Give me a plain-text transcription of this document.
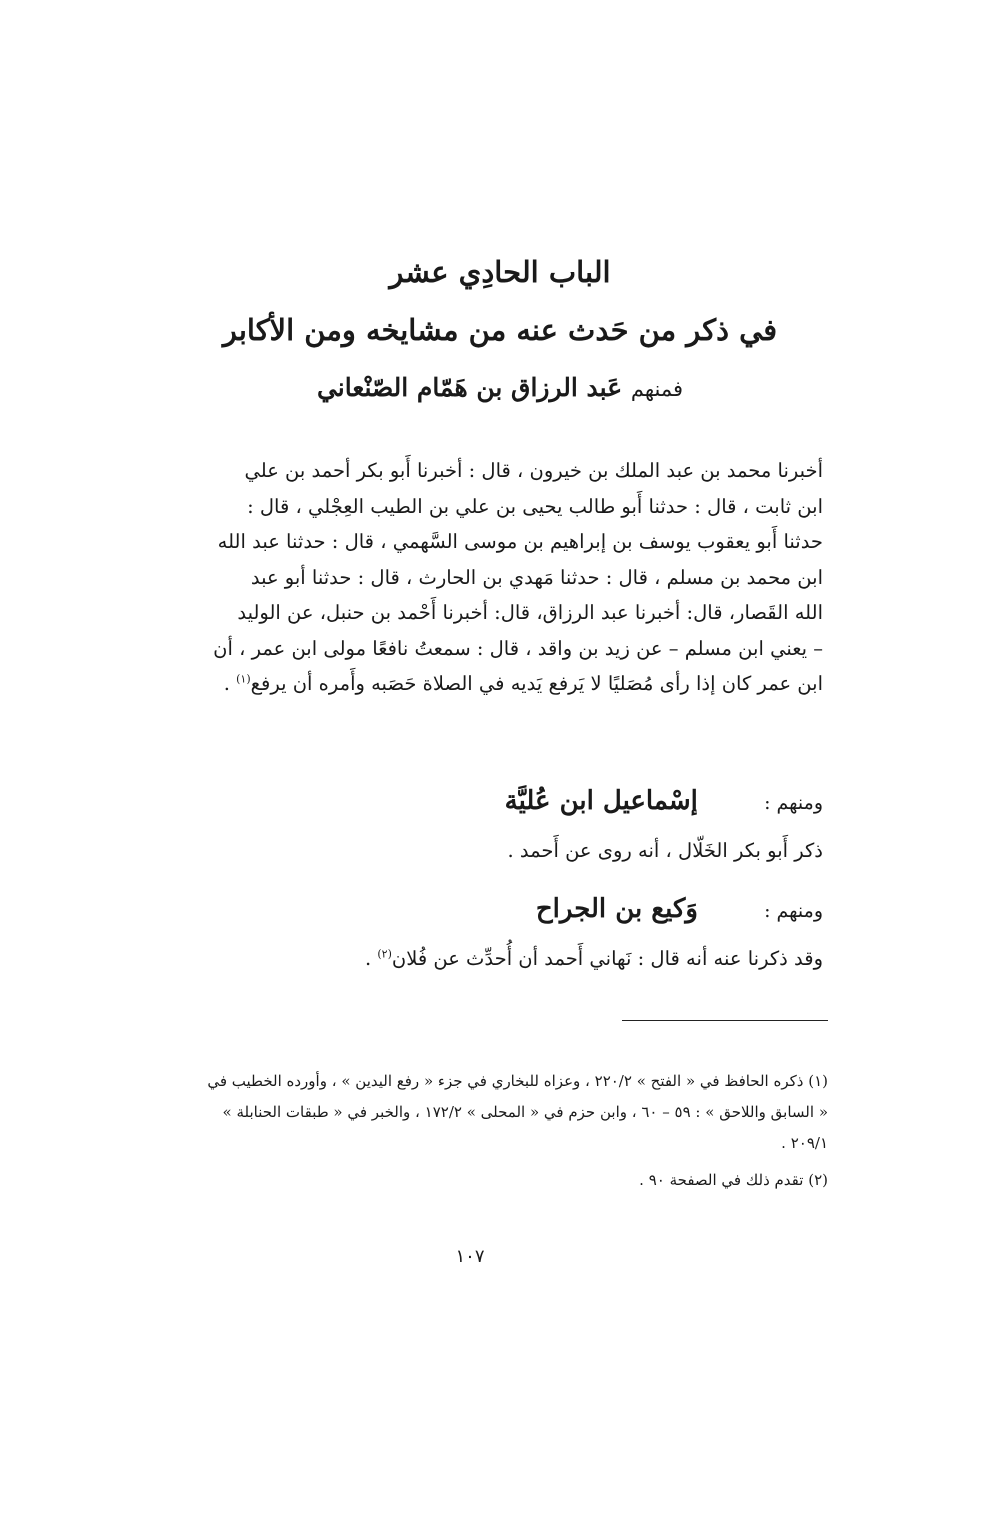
الباب الحادِي عشر
في ذكر من حَدث عنه من مشايخه ومن الأكابر
فمنهم عَبد الرزاق بن هَمّام الصّنْعاني

أخبرنا محمد بن عبد الملك بن خيرون ، قال : أخبرنا أَبو بكر أحمد بن علي

ابن ثابت ، قال : حدثنا أَبو طالب يحيى بن علي بن الطيب العِجْلي ، قال :

حدثنا أَبو يعقوب يوسف بن إبراهيم بن موسى السَّهمي ، قال : حدثنا عبد الله

ابن محمد بن مسلم ، قال : حدثنا مَهدي بن الحارث ، قال : حدثنا أبو عبد

الله القَصار، قال: أخبرنا عبد الرزاق، قال: أخبرنا أَحْمد بن حنبل، عن الوليد

– يعني ابن مسلم – عن زيد بن واقد ، قال : سمعتُ نافعًا مولى ابن عمر ، أن

ابن عمر كان إذا رأى مُصَليًا لا يَرفع يَديه في الصلاة حَصَبه وأَمره أن يرفع$^{(١)}$ .

ومنهم : إسْماعيل ابن عُليَّة
ذكر أَبو بكر الخَلّال ، أنه روى عن أَحمد .
ومنهم : وَكيع بن الجراح
وقد ذكرنا عنه أنه قال : نَهاني أَحمد أن أُحدِّث عن فُلان$^{(٢)}$ .

(١) ذكره الحافظ في « الفتح » ٢٢٠/٢ ، وعزاه للبخاري في جزء « رفع اليدين » ، وأورده الخطيب في

« السابق واللاحق » : ٥٩ – ٦٠ ، وابن حزم في « المحلى » ١٧٢/٢ ، والخبر في « طبقات الحنابلة »

٢٠٩/١ .

(٢) تقدم ذلك في الصفحة ٩٠ .

١٠٧
